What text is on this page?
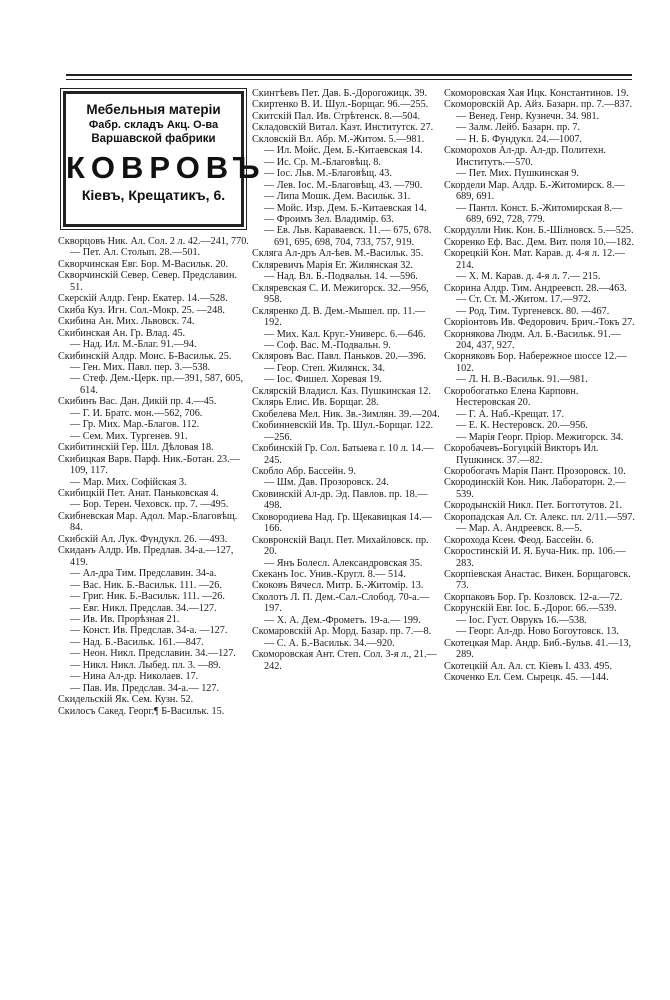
Мебельныя матеріи
Фабр. складъ Акц. О-ва
Варшавской фабрики
КОВРОВЪ
Кіевъ, Крещатикъ, 6.

Скворцовъ Ник. Ал. Сол. 2 л. 42.—241, 770.

— Пет. Ал. Столып. 28.—501.

Скворчинская Евг. Бор. М-Васильк. 20.

Скворчинскій Север. Север. Предславин. 51.

Скерскій Алдр. Генр. Екатер. 14.—528.

Скиба Куз. Игн. Сол.-Мокр. 25. —248.

Скибина Ан. Мих. Львовск. 74.

Скибинская Ан. Гр. Влад. 45.

— Над. Ил. М.-Благ. 91.—94.

Скибинскій Алдр. Моис. Б-Васильк. 25.

— Ген. Мих. Павл. пер. 3.—538.

— Стеф. Дем.-Церк. пр.—391, 587, 605, 614.

Скибинъ Вас. Дан. Дикій пр. 4.—45.

— Г. И. Братс. мон.—562, 706.

— Гр. Мих. Мар.-Благов. 112.

— Сем. Мих. Тургенев. 91.

Скибитинскій Гер. Шл. Дѣловая 18.

Скибицкая Варв. Парф. Ник.-Ботан. 23.—109, 117.

— Мар. Мих. Софійская 3.

Скибицкій Пет. Анат. Паньковская 4.

— Бор. Терен. Чеховск. пр. 7. —495.

Скибневская Мар. Адол. Мар.-Благовѣщ. 84.

Скибскій Ал. Лук. Фундукл. 26. —493.

Скиданъ Алдр. Ив. Предлав. 34-а.—127, 419.

— Ал-дра Тим. Предславин. 34-а.

— Вас. Ник. Б.-Васильк. 111. —26.

— Григ. Ник. Б.-Васильк. 111. —26.

— Евг. Никл. Предслав. 34.—127.

— Ив. Ив. Прорѣзная 21.

— Конст. Ив. Предслав. 34-а. —127.

— Над. Б.-Васильк. 161.—847.

— Неон. Никл. Предславин. 34.—127.

— Никл. Никл. Лыбед. пл. 3. —89.

— Нина Ал-др. Николаев. 17.

— Пав. Ив. Предслав. 34-а.— 127.

Скидельскій Як. Сем. Кузн. 52.

Скилосъ Сакед. Георг.¶ Б-Васильк. 15.

Скинтѣевъ Пет. Дав. Б.-Дорогожицк. 39.

Скиртенко В. И. Шул.-Борщаг. 96.—255.

Скитскій Пал. Ив. Стрѣтенск. 8.—504.

Складовскій Витал. Каэт. Институтск. 27.

Скловскій Вл. Абр. М.-Житом. 5.—981.

— Ил. Мойс. Дем. Б.-Китаевская 14.

— Ис. Ср. М.-Благовѣщ. 8.

— Іос. Льв. М.-Благовѣщ. 43.

— Лев. Іос. М.-Благовѣщ. 43. —790.

— Липа Мошк. Дем. Васильк. 31.

— Мойс. Изр. Дем. Б.-Китаевская 14.

— Фроимъ Зел. Владимір. 63.

— Ев. Льв. Караваевск. 11.— 675, 678. 691, 695, 698, 704, 733, 757, 919.

Скляга Ал-дръ Ал-ѣев. М.-Васильк. 35.

Скляревичъ Марія Ег. Жилянская 32.

— Над. Вл. Б.-Подвальн. 14. —596.

Скляревская С. И. Межигорск. 32.—956, 958.

Скляренко Д. В. Дем.-Мышел. пр. 11.—192.

— Мих. Кал. Круг.-Универс. 6.—646.

— Соф. Вас. М.-Подвальн. 9.

Скляровъ Вас. Павл. Паньков. 20.—396.

— Геор. Степ. Жилянск. 34.

— Іос. Фишел. Хоревая 19.

Склярскій Владисл. Каз. Пушкинская 12.

Склярь Елис. Ив. Борщаг. 28.

Скобелева Мел. Ник. Зв.-Зимлян. 39.—204.

Скобинневскій Ив. Тр. Шул.-Борщаг. 122.—256.

Скобинскій Гр. Сол. Батыева г. 10 л. 14.—245.

Скобло Абр. Бассейн. 9.

— Шм. Дав. Прозоровск. 24.

Сковинскій Ал-др. Эд. Павлов. пр. 18.—498.

Сковородиева Над. Гр. Щекавицкая 14.—166.

Сковронскій Вацл. Пет. Михайловск. пр. 20.

— Янъ Болесл. Александровская 35.

Скеканъ Іос. Унив.-Кругл. 8.— 514.

Скоковъ Вячесл. Митр. Б.-Житомір. 13.

Сколотъ Л. П. Дем.-Сал.-Слобод. 70-а.—197.

— Х. А. Дем.-Фрометъ. 19-а.— 199.

Скомаровскій Ар. Морд. Базар. пр. 7.—8.

— С. А. Б.-Васильк. 34.—920.

Скоморовская Ант. Степ. Сол. 3-я л., 21.—242.

Скоморовская Хая Ицк. Константинов. 19.

Скоморовскій Ар. Айз. Базарн. пр. 7.—837.

— Венед. Генр. Кузнечн. 34. 981.

— Залм. Лейб. Базарн. пр. 7.

— Н. Б. Фундукл. 24.—1007.

Скоморохов Ал-др. Ал-др. Политехн. Институтъ.—570.

— Пет. Мих. Пушкинская 9.

Скордели Мар. Алдр. Б.-Житомирск. 8.—689, 691.

— Пантл. Конст. Б.-Житомирская 8.—689, 692, 728, 779.

Скордулли Ник. Кон. Б.-Шілновск. 5.—525.

Скоренко Еф. Вас. Дем. Вит. поля 10.—182.

Скорецкій Кон. Мат. Карав. д. 4-я л. 12.—214.

— Х. М. Карав. д. 4-я л. 7.— 215.

Скорина Алдр. Тим. Андреевсп. 28.—463.

— Ст. Ст. М.-Житом. 17.—972.

— Род. Тим. Тургеневск. 80. —467.

Скоріонтовъ Ив. Федорович. Брич.-Токъ 27.

Скорнякова Людм. Ал. Б.-Васильк. 91.—204, 437, 927.

Скорняковъ Бор. Набережное шоссе 12.—102.

— Л. Н. В.-Васильк. 91.—981.

Скоробогатько Елена Карповн. Нестеровская 20.

— Г. А. Наб.-Крещат. 17.

— Е. К. Нестеровск. 20.—956.

— Марія Георг. Пріор. Межигорск. 34.

Скоробачевъ-Богуцкій Викторъ Ил. Пушкинск. 37.—82.

Скоробогачъ Марія Пант. Прозоровск. 10.

Скородинскій Кон. Ник. Лабораторн. 2.—539.

Скородынскій Никл. Пет. Богготутов. 21.

Скоропадская Ал. Ст. Алекс. пл. 2/11.—597.

— Мар. А. Андреевск. 8.—5.

Скорохода Ксен. Феод. Бассейн. 6.

Скоростинскій И. Я. Буча-Ник. пр. 106.—283.

Скорпіевская Анастас. Викен. Борщаговск. 73.

Скорпаковъ Бор. Гр. Козловск. 12-а.—72.

Скорунскій Евг. Іос. Б.-Дорог. 66.—539.

— Іос. Густ. Оврукъ 16.—538.

— Георг. Ал-др. Ново Богоутовск. 13.

Скотецкая Мар. Андр. Биб.-Бульв. 41.—13, 289.

Скотецкій Ал. Ал. ст. Кіевъ I. 433. 495.

Скоченко Ел. Сем. Сырецк. 45. —144.
